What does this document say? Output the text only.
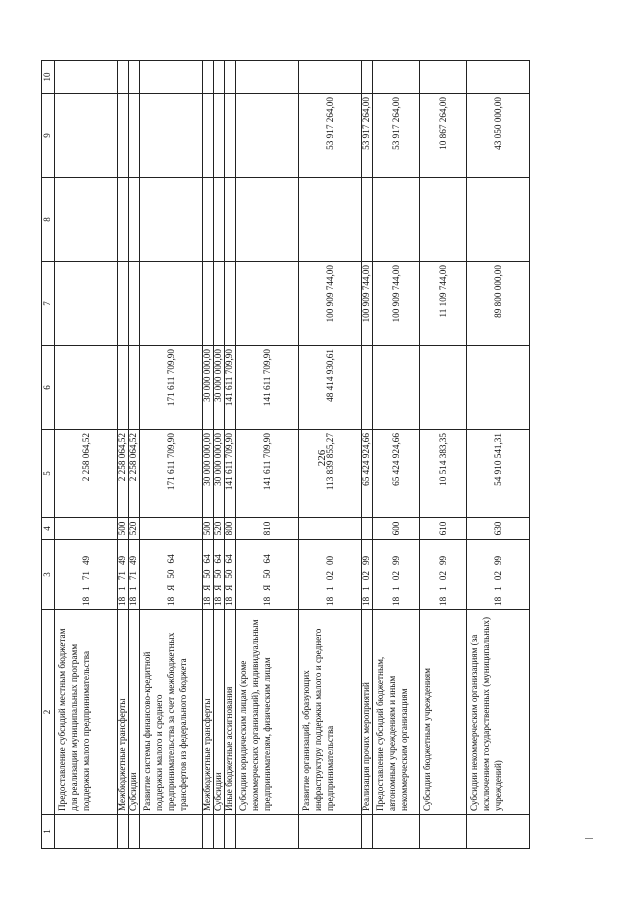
226
1	2	3	4	5	6	7	8	9	10
	Предоставление субсидий местным бюджетам для реализации муниципальных программ поддержки малого предпринимательства	1817149		2 258 064,52					
	Межбюджетные трансферты	1817149	500	2 258 064,52					
	Субсидии	1817149	520	2 258 064,52					
	Развитие системы финансово-кредитной поддержки малого и среднего предпринимательства за счет межбюджетных трансфертов из федерального бюджета	18Я5064		171 611 709,90	171 611 709,90				
	Межбюджетные трансферты	18Я5064	500	30 000 000,00	30 000 000,00				
	Субсидии	18Я5064	520	30 000 000,00	30 000 000,00				
	Иные бюджетные ассигнования	18Я5064	800	141 611 709,90	141 611 709,90				
	Субсидии юридическим лицам (кроме некоммерческих организаций), индивидуальным предпринимателям, физическим лицам	18Я5064	810	141 611 709,90	141 611 709,90				
	Развитие организаций, образующих инфраструктуру поддержки малого и среднего предпринимательства	1810200		113 839 855,27	48 414 930,61	100 909 744,00		53 917 264,00	
	Реализация прочих мероприятий	1810299		65 424 924,66		100 909 744,00		53 917 264,00	
	Предоставление субсидий бюджетным, автономным учреждениям и иным некоммерческим организациям	1810299	600	65 424 924,66		100 909 744,00		53 917 264,00	
	Субсидии бюджетным учреждениям	1810299	610	10 514 383,35		11 109 744,00		10 867 264,00	
	Субсидии некоммерческим организациям (за исключением государственных (муниципальных) учреждений)	1810299	630	54 910 541,31		89 800 000,00		43 050 000,00	
